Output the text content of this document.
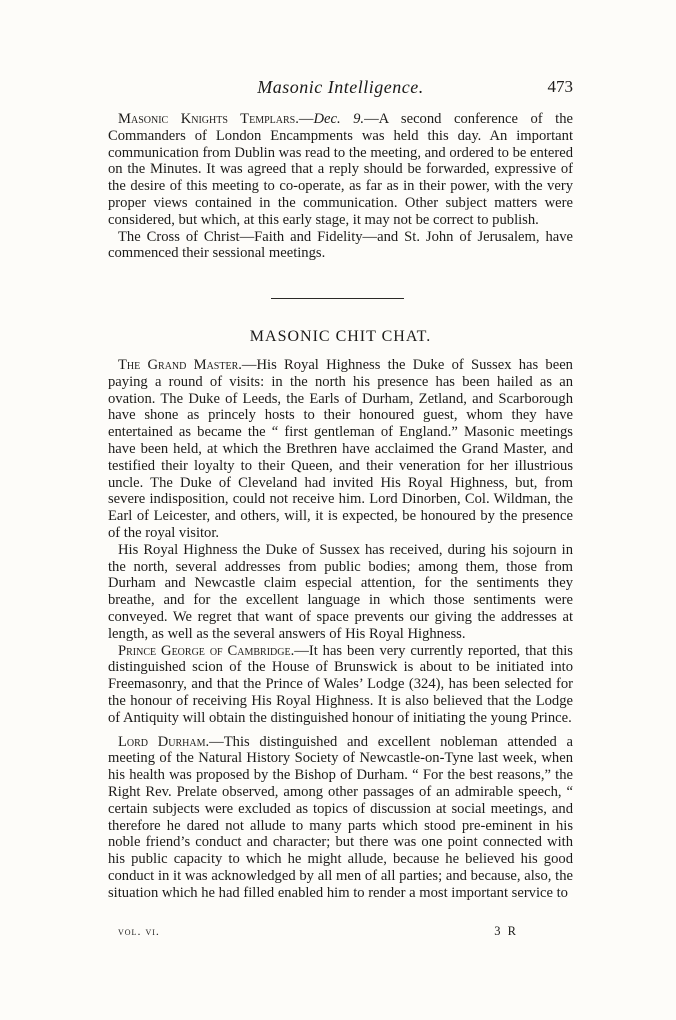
Masonic Intelligence.	473

Masonic Knights Templars.—Dec. 9.—A second conference of the Commanders of London Encampments was held this day. An important communication from Dublin was read to the meeting, and ordered to be entered on the Minutes. It was agreed that a reply should be forwarded, expressive of the desire of this meeting to co-operate, as far as in their power, with the very proper views contained in the communication. Other subject matters were considered, but which, at this early stage, it may not be correct to publish.

The Cross of Christ—Faith and Fidelity—and St. John of Jerusalem, have commenced their sessional meetings.

MASONIC CHIT CHAT.

The Grand Master.—His Royal Highness the Duke of Sussex has been paying a round of visits: in the north his presence has been hailed as an ovation. The Duke of Leeds, the Earls of Durham, Zetland, and Scarborough have shone as princely hosts to their honoured guest, whom they have entertained as became the “ first gentleman of England.” Masonic meetings have been held, at which the Brethren have acclaimed the Grand Master, and testified their loyalty to their Queen, and their veneration for her illustrious uncle. The Duke of Cleveland had invited His Royal Highness, but, from severe indisposition, could not receive him. Lord Dinorben, Col. Wildman, the Earl of Leicester, and others, will, it is expected, be honoured by the presence of the royal visitor.

His Royal Highness the Duke of Sussex has received, during his sojourn in the north, several addresses from public bodies; among them, those from Durham and Newcastle claim especial attention, for the sentiments they breathe, and for the excellent language in which those sentiments were conveyed. We regret that want of space prevents our giving the addresses at length, as well as the several answers of His Royal Highness.

Prince George of Cambridge.—It has been very currently reported, that this distinguished scion of the House of Brunswick is about to be initiated into Freemasonry, and that the Prince of Wales’ Lodge (324), has been selected for the honour of receiving His Royal Highness. It is also believed that the Lodge of Antiquity will obtain the distinguished honour of initiating the young Prince.

Lord Durham.—This distinguished and excellent nobleman attended a meeting of the Natural History Society of Newcastle-on-Tyne last week, when his health was proposed by the Bishop of Durham. “ For the best reasons,” the Right Rev. Prelate observed, among other passages of an admirable speech, “ certain subjects were excluded as topics of discussion at social meetings, and therefore he dared not allude to many parts which stood pre-eminent in his noble friend’s conduct and character; but there was one point connected with his public capacity to which he might allude, because he believed his good conduct in it was acknowledged by all men of all parties; and because, also, the situation which he had filled enabled him to render a most important service to

vol. vi.	3 R
